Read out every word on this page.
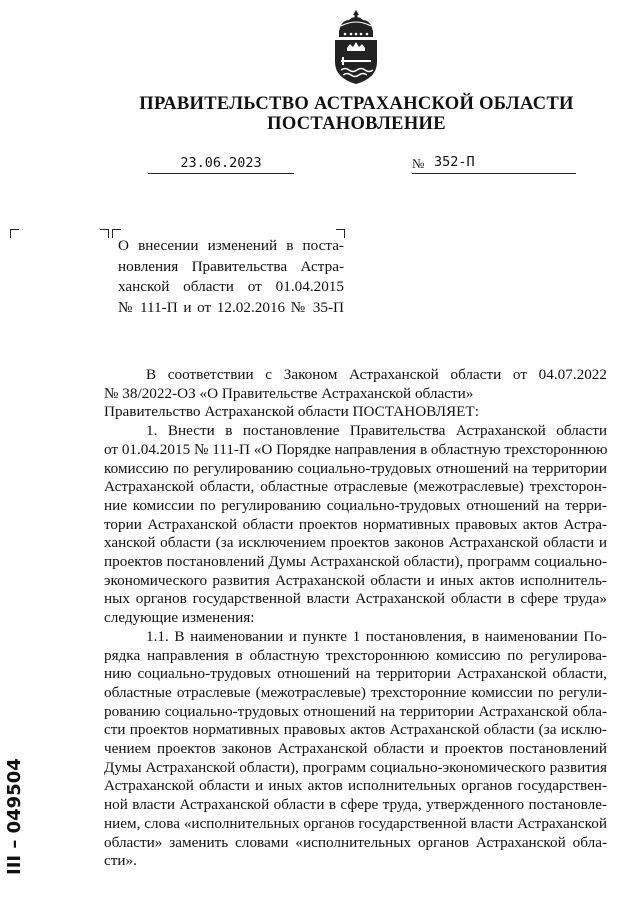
ПРАВИТЕЛЬСТВО АСТРАХАНСКОЙ ОБЛАСТИ
ПОСТАНОВЛЕНИЕ
23.06.2023	№ 352-П
О внесении изменений в поста-
новления Правительства Астра-
ханской области от 01.04.2015
№ 111-П и от 12.02.2016 № 35-П
В соответствии с Законом Астраханской области от 04.07.2022
№ 38/2022-ОЗ «О Правительстве Астраханской области»
Правительство Астраханской области ПОСТАНОВЛЯЕТ:
1. Внести в постановление Правительства Астраханской области
от 01.04.2015 № 111-П «О Порядке направления в областную трехстороннюю
комиссию по регулированию социально-трудовых отношений на территории
Астраханской области, областные отраслевые (межотраслевые) трехсторон-
ние комиссии по регулированию социально-трудовых отношений на терри-
тории Астраханской области проектов нормативных правовых актов Астра-
ханской области (за исключением проектов законов Астраханской области и
проектов постановлений Думы Астраханской области), программ социально-
экономического развития Астраханской области и иных актов исполнитель-
ных органов государственной власти Астраханской области в сфере труда»
следующие изменения:
1.1. В наименовании и пункте 1 постановления, в наименовании По-
рядка направления в областную трехстороннюю комиссию по регулирова-
нию социально-трудовых отношений на территории Астраханской области,
областные отраслевые (межотраслевые) трехсторонние комиссии по регули-
рованию социально-трудовых отношений на территории Астраханской обла-
сти проектов нормативных правовых актов Астраханской области (за исклю-
чением проектов законов Астраханской области и проектов постановлений
Думы Астраханской области), программ социально-экономического развития
Астраханской области и иных актов исполнительных органов государствен-
ной власти Астраханской области в сфере труда, утвержденного постановле-
нием, слова «исполнительных органов государственной власти Астраханской
области» заменить словами «исполнительных органов Астраханской обла-
сти».
III – 049504
